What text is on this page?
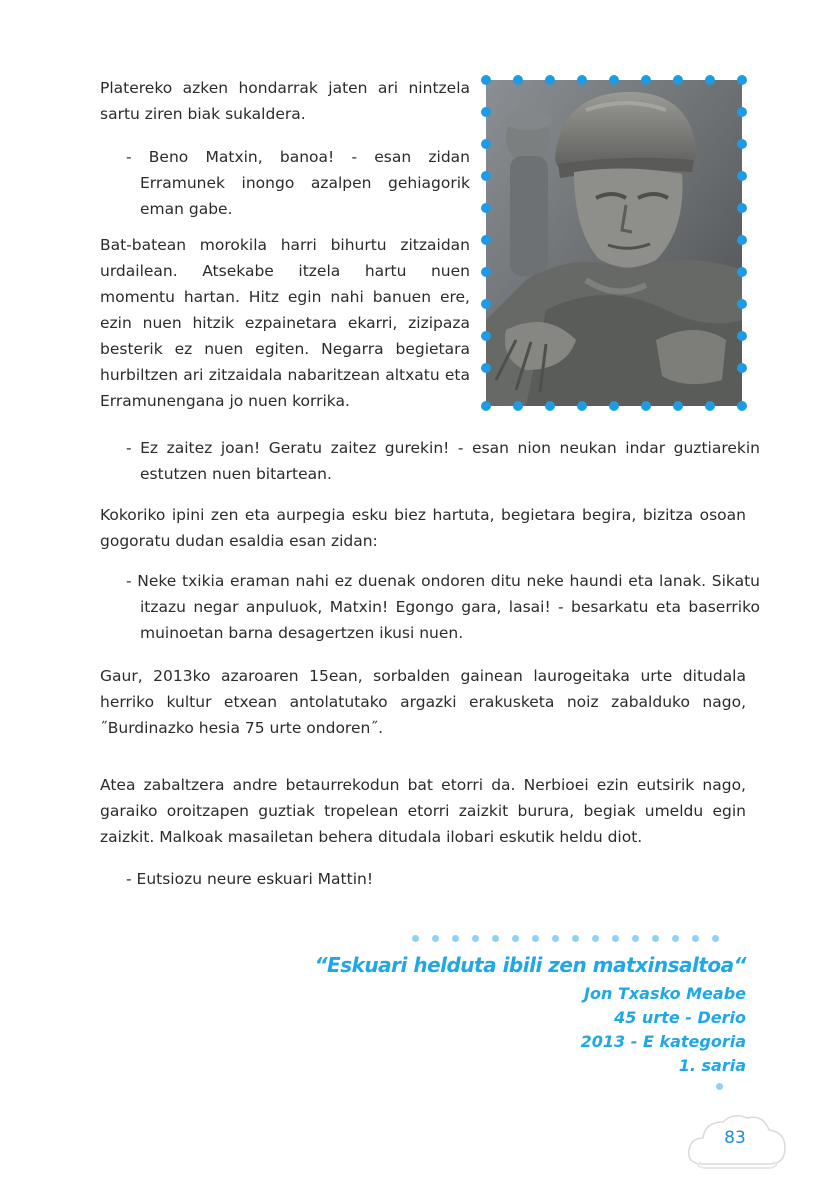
Platereko azken hondarrak jaten ari nintzela sartu ziren biak sukaldera.
- Beno Matxin, banoa! - esan zidan
Erramunek inongo azalpen gehiagorik eman gabe.
Bat-batean morokila harri bihurtu zitzaidan urdailean. Atsekabe itzela hartu nuen momentu hartan. Hitz egin nahi banuen ere, ezin nuen hitzik ezpainetara ekarri, zizipaza besterik ez nuen egiten. Negarra begietara hurbiltzen ari zitzaidala nabaritzean altxatu eta Erramunengana jo nuen korrika.
- Ez zaitez joan! Geratu zaitez gurekin! - esan nion neukan indar guztiarekin estutzen nuen bitartean.
Kokoriko ipini zen eta aurpegia esku biez hartuta, begietara begira, bizitza osoan gogoratu dudan esaldia esan zidan:
- Neke txikia eraman nahi ez duenak ondoren ditu neke haundi eta lanak. Sikatu itzazu negar anpuluok, Matxin! Egongo gara, lasai! - besarkatu eta baserriko muinoetan barna desagertzen ikusi nuen.
Gaur, 2013ko azaroaren 15ean, sorbalden gainean laurogeitaka urte ditudala herriko kultur etxean antolatutako argazki erakusketa noiz zabalduko nago, ˝Burdinazko hesia 75 urte ondoren˝.
Atea zabaltzera andre betaurrekodun bat etorri da. Nerbioei ezin eutsirik nago, garaiko oroitzapen guztiak tropelean etorri zaizkit burura, begiak umeldu egin zaizkit. Malkoak masailetan behera ditudala ilobari eskutik heldu diot.
- Eutsiozu neure eskuari Mattin!
“Eskuari helduta ibili zen matxinsaltoa“
Jon Txasko Meabe
45 urte - Derio
2013 - E kategoria
1. saria
83
